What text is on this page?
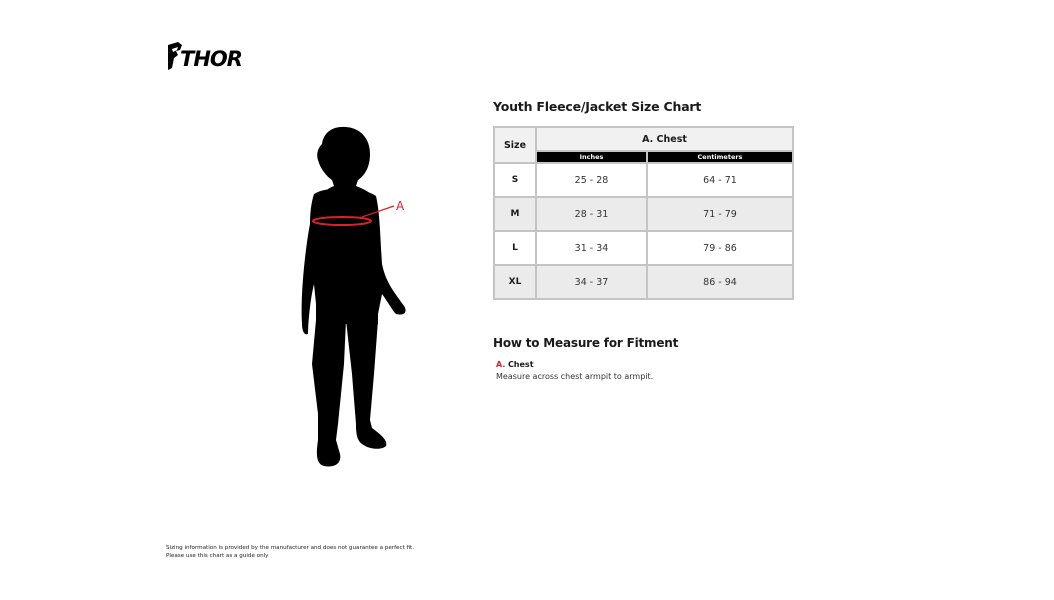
THOR
A
Youth Fleece/Jacket Size Chart
Size	A. Chest	
	Inches	Centimeters
S	25 - 28	64 - 71
M	28 - 31	71 - 79
L	31 - 34	79 - 86
XL	34 - 37	86 - 94
How to Measure for Fitment
A. Chest
Measure across chest armpit to armpit.
Sizing information is provided by the manufacturer and does not guarantee a perfect fit.
Please use this chart as a guide only
